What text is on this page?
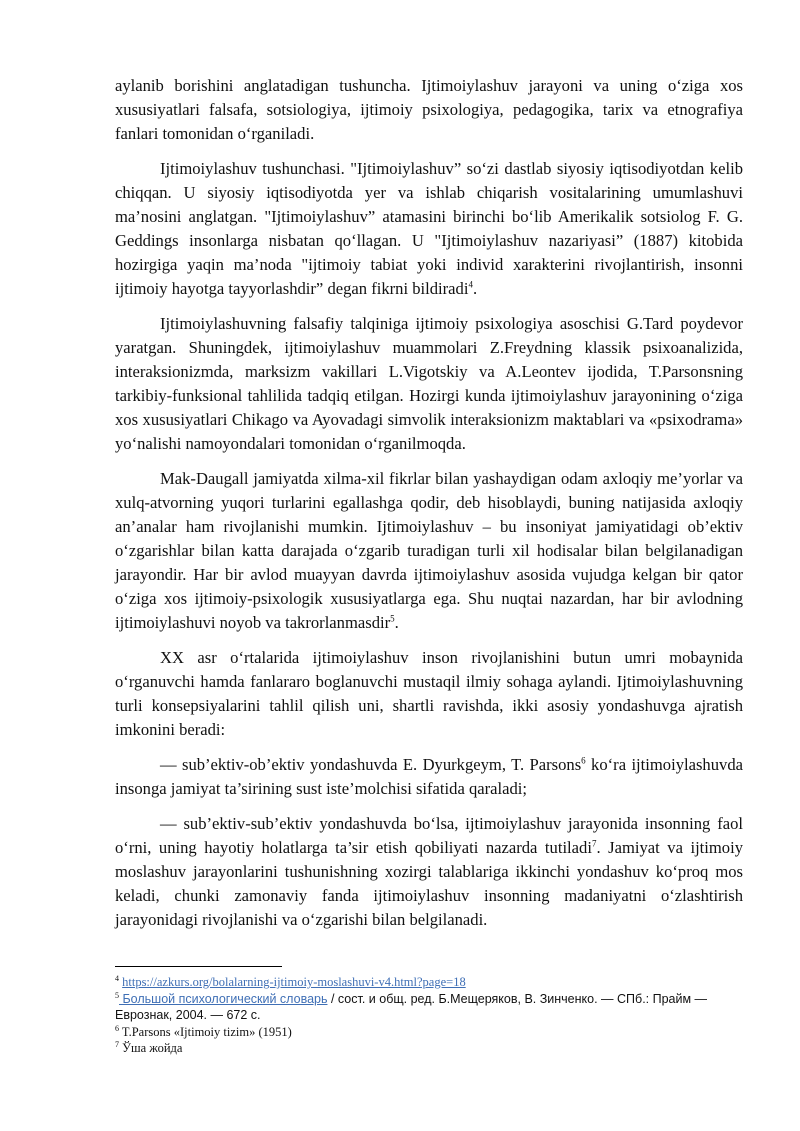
aylanib borishini anglatadigan tushuncha. Ijtimoiylashuv jarayoni va uning o‘ziga xos xususiyatlari falsafa, sotsiologiya, ijtimoiy psixologiya, pedagogika, tarix va etnografiya fanlari tomonidan o‘rganiladi.

Ijtimoiylashuv tushunchasi. "Ijtimoiylashuv” so‘zi dastlab siyosiy iqtisodiyotdan kelib chiqqan. U siyosiy iqtisodiyotda yer va ishlab chiqarish vositalarining umumlashuvi ma’nosini anglatgan. "Ijtimoiylashuv” atamasini birinchi bo‘lib Amerikalik sotsiolog F. G. Geddings insonlarga nisbatan qo‘llagan. U "Ijtimoiylashuv nazariyasi” (1887) kitobida hozirgiga yaqin ma’noda "ijtimoiy tabiat yoki individ xarakterini rivojlantirish, insonni ijtimoiy hayotga tayyorlashdir” degan fikrni bildiradi$^4$.

Ijtimoiylashuvning falsafiy talqiniga ijtimoiy psixologiya asoschisi G.Tard poydevor yaratgan. Shuningdek, ijtimoiylashuv muammolari Z.Freydning klassik psixoanalizida, interaksionizmda, marksizm vakillari L.Vigotskiy va A.Leontev ijodida, T.Parsonsning tarkibiy-funksional tahlilida tadqiq etilgan. Hozirgi kunda ijtimoiylashuv jarayonining o‘ziga xos xususiyatlari Chikago va Ayovadagi simvolik interaksionizm maktablari va «psixodrama» yo‘nalishi namoyondalari tomonidan o‘rganilmoqda.

Mak-Daugall jamiyatda xilma-xil fikrlar bilan yashaydigan odam axloqiy me’yorlar va xulq-atvorning yuqori turlarini egallashga qodir, deb hisoblaydi, buning natijasida axloqiy an’analar ham rivojlanishi mumkin. Ijtimoiylashuv – bu insoniyat jamiyatidagi ob’ektiv o‘zgarishlar bilan katta darajada o‘zgarib turadigan turli xil hodisalar bilan belgilanadigan jarayondir. Har bir avlod muayyan davrda ijtimoiylashuv asosida vujudga kelgan bir qator o‘ziga xos ijtimoiy-psixologik xususiyatlarga ega. Shu nuqtai nazardan, har bir avlodning ijtimoiylashuvi noyob va takrorlanmasdir$^5$.

XX asr o‘rtalarida ijtimoiylashuv inson rivojlanishini butun umri mobaynida o‘rganuvchi hamda fanlararo boglanuvchi mustaqil ilmiy sohaga aylandi. Ijtimoiylashuvning turli konsepsiyalarini tahlil qilish uni, shartli ravishda, ikki asosiy yondashuvga ajratish imkonini beradi:

— sub’ektiv-ob’ektiv yondashuvda E. Dyurkgeym, T. Parsons$^6$ ko‘ra ijtimoiylashuvda insonga jamiyat ta’sirining sust iste’molchisi sifatida qaraladi;

— sub’ektiv-sub’ektiv yondashuvda bo‘lsa, ijtimoiylashuv jarayonida insonning faol o‘rni, uning hayotiy holatlarga ta’sir etish qobiliyati nazarda tutiladi$^7$. Jamiyat va ijtimoiy moslashuv jarayonlarini tushunishning xozirgi talablariga ikkinchi yondashuv ko‘proq mos keladi, chunki zamonaviy fanda ijtimoiylashuv insonning madaniyatni o‘zlashtirish jarayonidagi rivojlanishi va o‘zgarishi bilan belgilanadi.

$^4$ https://azkurs.org/bolalarning-ijtimoiy-moslashuvi-v4.html?page=18

$^5$ Большой психологический словарь / сост. и общ. ред. Б.Мещеряков, В. Зинченко. — СПб.: Прайм — Еврознак, 2004. — 672 с.

$^6$ T.Parsons «Ijtimoiy tizim» (1951)

$^7$ Ўша жойда
